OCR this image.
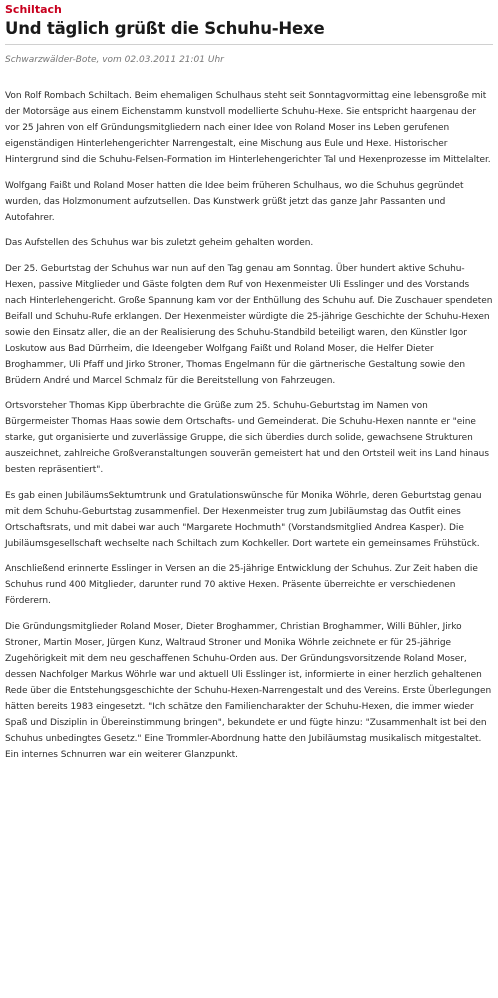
Schiltach
Und täglich grüßt die Schuhu-Hexe
Schwarzwälder-Bote, vom 02.03.2011 21:01 Uhr

Von Rolf Rombach Schiltach. Beim ehemaligen Schulhaus steht seit Sonntagvormittag eine lebensgroße mit der Motorsäge aus einem Eichenstamm kunstvoll modellierte Schuhu-Hexe. Sie entspricht haargenau der vor 25 Jahren von elf Gründungsmitgliedern nach einer Idee von Roland Moser ins Leben gerufenen eigenständigen Hinterlehengerichter Narrengestalt, eine Mischung aus Eule und Hexe. Historischer Hintergrund sind die Schuhu-Felsen-Formation im Hinterlehengerichter Tal und Hexenprozesse im Mittelalter.

Wolfgang Faißt und Roland Moser hatten die Idee beim früheren Schulhaus, wo die Schuhus gegründet wurden, das Holzmonument aufzutsellen. Das Kunstwerk grüßt jetzt das ganze Jahr Passanten und Autofahrer.

Das Aufstellen des Schuhus war bis zuletzt geheim gehalten worden.

Der 25. Geburtstag der Schuhus war nun auf den Tag genau am Sonntag. Über hundert aktive Schuhu-Hexen, passive Mitglieder und Gäste folgten dem Ruf von Hexenmeister Uli Esslinger und des Vorstands nach Hinterlehengericht. Große Spannung kam vor der Enthüllung des Schuhu auf. Die Zuschauer spendeten Beifall und Schuhu-Rufe erklangen. Der Hexenmeister würdigte die 25-jährige Geschichte der Schuhu-Hexen sowie den Einsatz aller, die an der Realisierung des Schuhu-Standbild beteiligt waren, den Künstler Igor Loskutow aus Bad Dürrheim, die Ideengeber Wolfgang Faißt und Roland Moser, die Helfer Dieter Broghammer, Uli Pfaff und Jirko Stroner, Thomas Engelmann für die gärtnerische Gestaltung sowie den Brüdern André und Marcel Schmalz für die Bereitstellung von Fahrzeugen.

Ortsvorsteher Thomas Kipp überbrachte die Grüße zum 25. Schuhu-Geburtstag im Namen von Bürgermeister Thomas Haas sowie dem Ortschafts- und Gemeinderat. Die Schuhu-Hexen nannte er "eine starke, gut organisierte und zuverlässige Gruppe, die sich überdies durch solide, gewachsene Strukturen auszeichnet, zahlreiche Großveranstaltungen souverän gemeistert hat und den Ortsteil weit ins Land hinaus besten repräsentiert".

Es gab einen JubiläumsSektumtrunk und Gratulationswünsche für Monika Wöhrle, deren Geburtstag genau mit dem Schuhu-Geburtstag zusammenfiel. Der Hexenmeister trug zum Jubiläumstag das Outfit eines Ortschaftsrats, und mit dabei war auch "Margarete Hochmuth" (Vorstandsmitglied Andrea Kasper). Die Jubiläumsgesellschaft wechselte nach Schiltach zum Kochkeller. Dort wartete ein gemeinsames Frühstück.

Anschließend erinnerte Esslinger in Versen an die 25-jährige Entwicklung der Schuhus. Zur Zeit haben die Schuhus rund 400 Mitglieder, darunter rund 70 aktive Hexen. Präsente überreichte er verschiedenen Förderern.

Die Gründungsmitglieder Roland Moser, Dieter Broghammer, Christian Broghammer, Willi Bühler, Jirko Stroner, Martin Moser, Jürgen Kunz, Waltraud Stroner und Monika Wöhrle zeichnete er für 25-jährige Zugehörigkeit mit dem neu geschaffenen Schuhu-Orden aus. Der Gründungsvorsitzende Roland Moser, dessen Nachfolger Markus Wöhrle war und aktuell Uli Esslinger ist, informierte in einer herzlich gehaltenen Rede über die Entstehungsgeschichte der Schuhu-Hexen-Narrengestalt und des Vereins. Erste Überlegungen hätten bereits 1983 eingesetzt. "Ich schätze den Familiencharakter der Schuhu-Hexen, die immer wieder Spaß und Disziplin in Übereinstimmung bringen", bekundete er und fügte hinzu: "Zusammenhalt ist bei den Schuhus unbedingtes Gesetz." Eine Trommler-Abordnung hatte den Jubiläumstag musikalisch mitgestaltet. Ein internes Schnurren war ein weiterer Glanzpunkt.
